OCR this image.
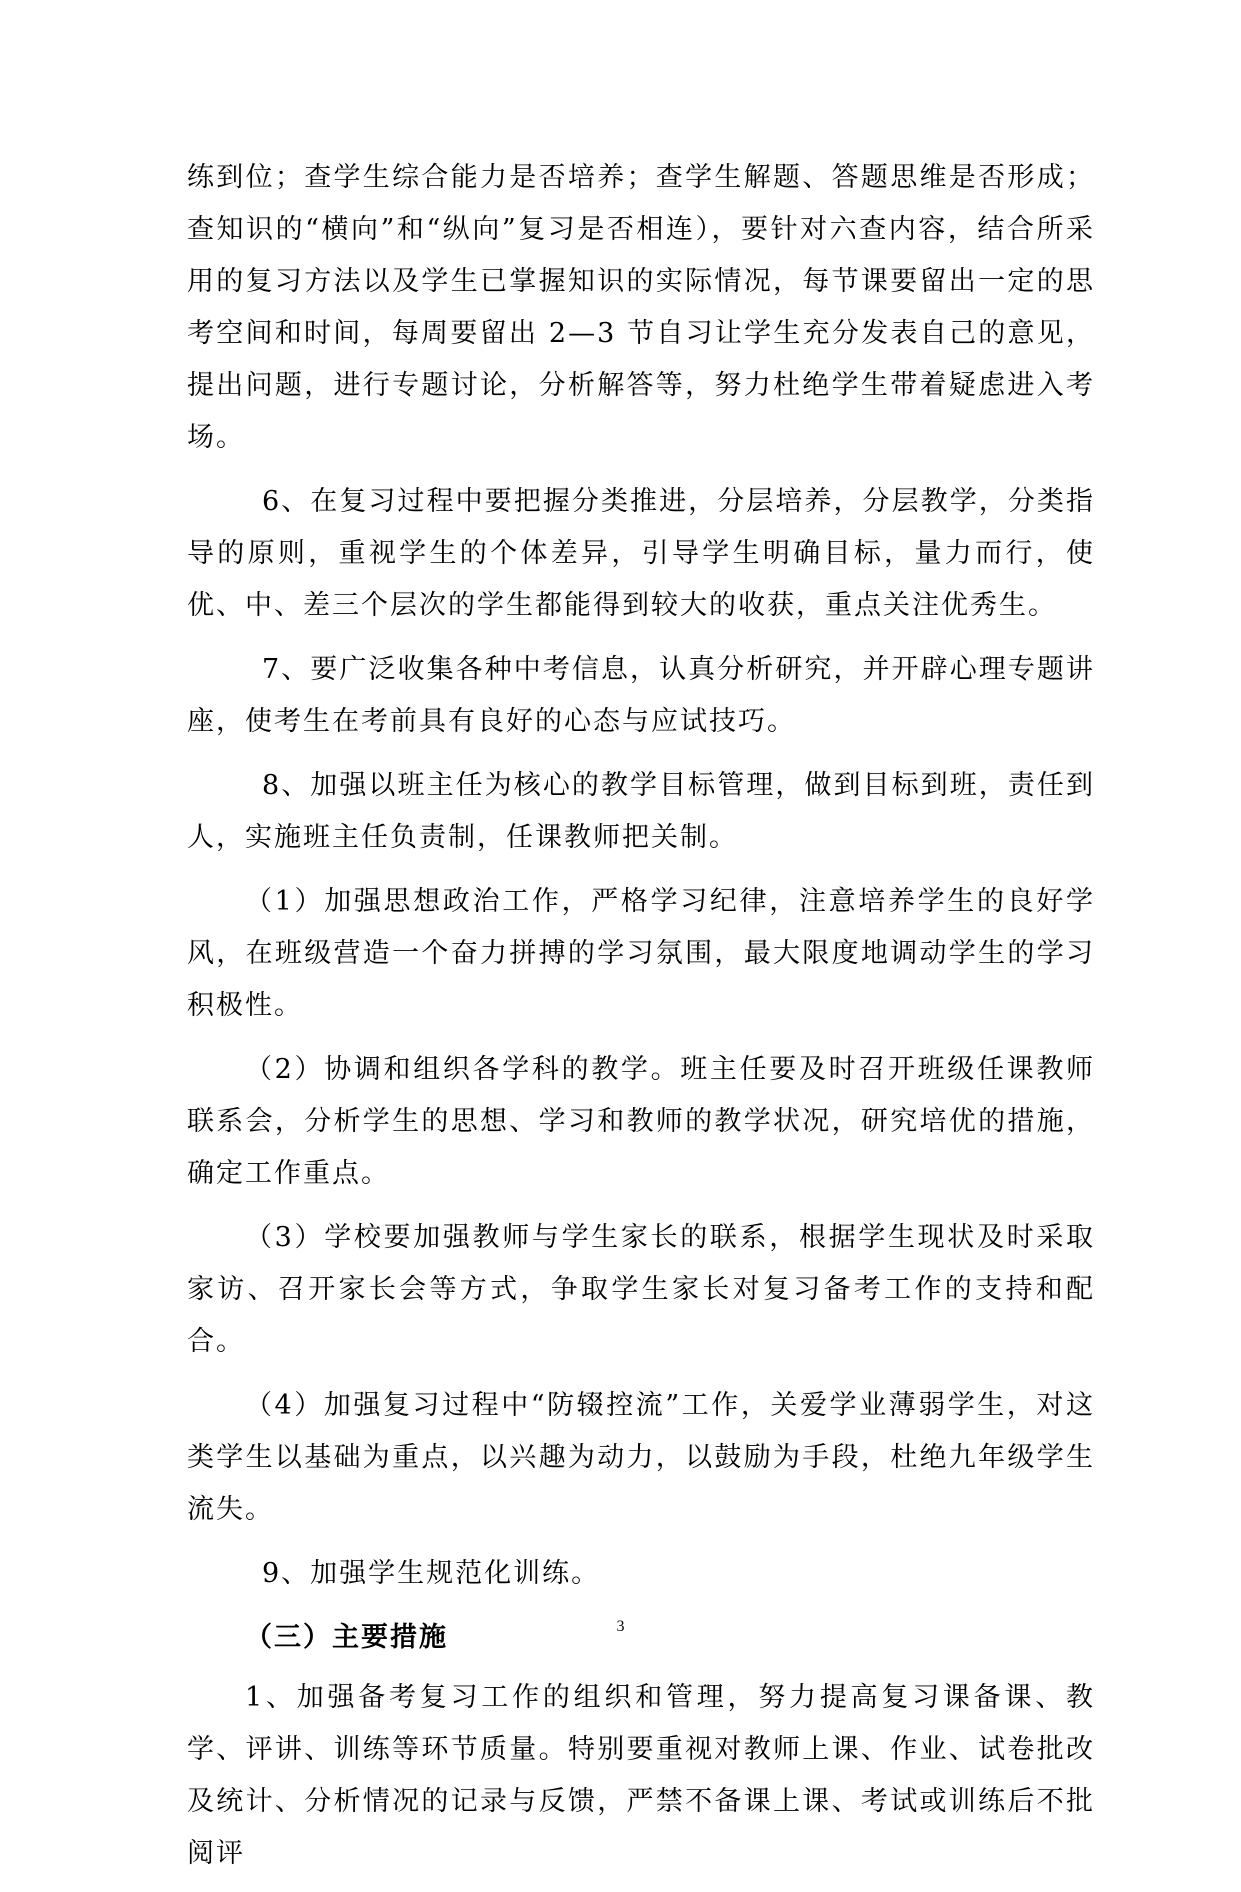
练到位；查学生综合能力是否培养；查学生解题、答题思维是否形成；查知识的“横向”和“纵向”复习是否相连），要针对六查内容，结合所采用的复习方法以及学生已掌握知识的实际情况，每节课要留出一定的思考空间和时间，每周要留出 2—3 节自习让学生充分发表自己的意见，提出问题，进行专题讨论，分析解答等，努力杜绝学生带着疑虑进入考场。

6、在复习过程中要把握分类推进，分层培养，分层教学，分类指导的原则，重视学生的个体差异，引导学生明确目标，量力而行，使优、中、差三个层次的学生都能得到较大的收获，重点关注优秀生。

7、要广泛收集各种中考信息，认真分析研究，并开辟心理专题讲座，使考生在考前具有良好的心态与应试技巧。

8、加强以班主任为核心的教学目标管理，做到目标到班，责任到人，实施班主任负责制，任课教师把关制。

（1）加强思想政治工作，严格学习纪律，注意培养学生的良好学风，在班级营造一个奋力拼搏的学习氛围，最大限度地调动学生的学习积极性。

（2）协调和组织各学科的教学。班主任要及时召开班级任课教师联系会，分析学生的思想、学习和教师的教学状况，研究培优的措施，确定工作重点。

（3）学校要加强教师与学生家长的联系，根据学生现状及时采取家访、召开家长会等方式，争取学生家长对复习备考工作的支持和配合。

（4）加强复习过程中“防辍控流”工作，关爱学业薄弱学生，对这类学生以基础为重点，以兴趣为动力，以鼓励为手段，杜绝九年级学生流失。

9、加强学生规范化训练。

（三）主要措施

1、加强备考复习工作的组织和管理，努力提高复习课备课、教学、评讲、训练等环节质量。特别要重视对教师上课、作业、试卷批改及统计、分析情况的记录与反馈，严禁不备课上课、考试或训练后不批阅评

3
